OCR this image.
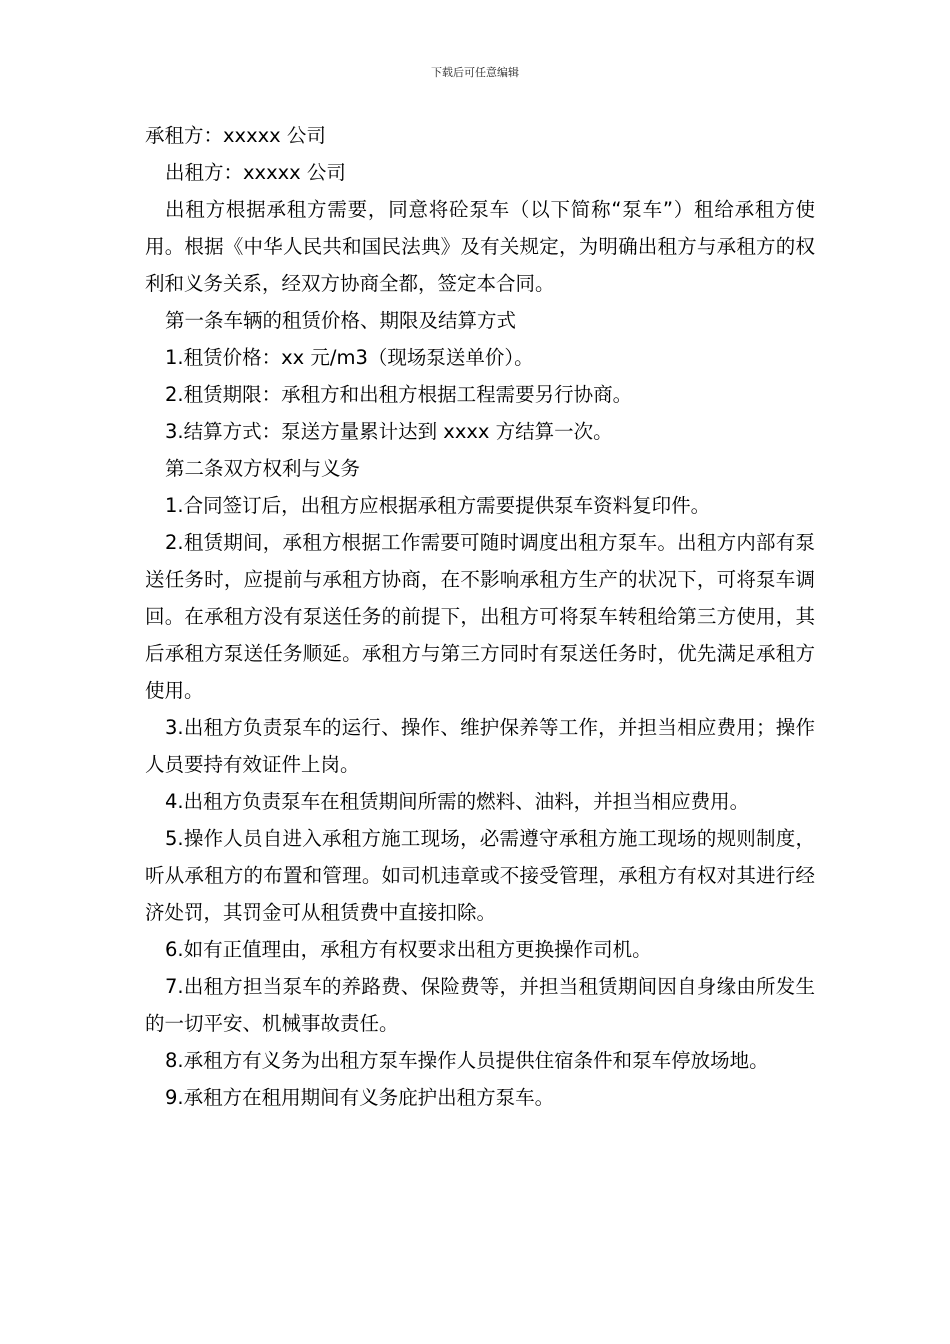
下载后可任意编辑

承租方：xxxxx 公司

出租方：xxxxx 公司

出租方根据承租方需要，同意将砼泵车（以下简称“泵车”）租给承租方使用。根据《中华人民共和国民法典》及有关规定，为明确出租方与承租方的权利和义务关系，经双方协商全都，签定本合同。

第一条车辆的租赁价格、期限及结算方式

1.租赁价格：xx 元/m3（现场泵送单价）。

2.租赁期限：承租方和出租方根据工程需要另行协商。

3.结算方式：泵送方量累计达到 xxxx 方结算一次。

第二条双方权利与义务

1.合同签订后，出租方应根据承租方需要提供泵车资料复印件。

2.租赁期间，承租方根据工作需要可随时调度出租方泵车。出租方内部有泵送任务时，应提前与承租方协商，在不影响承租方生产的状况下，可将泵车调回。在承租方没有泵送任务的前提下，出租方可将泵车转租给第三方使用，其后承租方泵送任务顺延。承租方与第三方同时有泵送任务时，优先满足承租方使用。

3.出租方负责泵车的运行、操作、维护保养等工作，并担当相应费用；操作人员要持有效证件上岗。

4.出租方负责泵车在租赁期间所需的燃料、油料，并担当相应费用。

5.操作人员自进入承租方施工现场，必需遵守承租方施工现场的规则制度，听从承租方的布置和管理。如司机违章或不接受管理，承租方有权对其进行经济处罚，其罚金可从租赁费中直接扣除。

6.如有正值理由，承租方有权要求出租方更换操作司机。

7.出租方担当泵车的养路费、保险费等，并担当租赁期间因自身缘由所发生的一切平安、机械事故责任。

8.承租方有义务为出租方泵车操作人员提供住宿条件和泵车停放场地。

9.承租方在租用期间有义务庇护出租方泵车。
